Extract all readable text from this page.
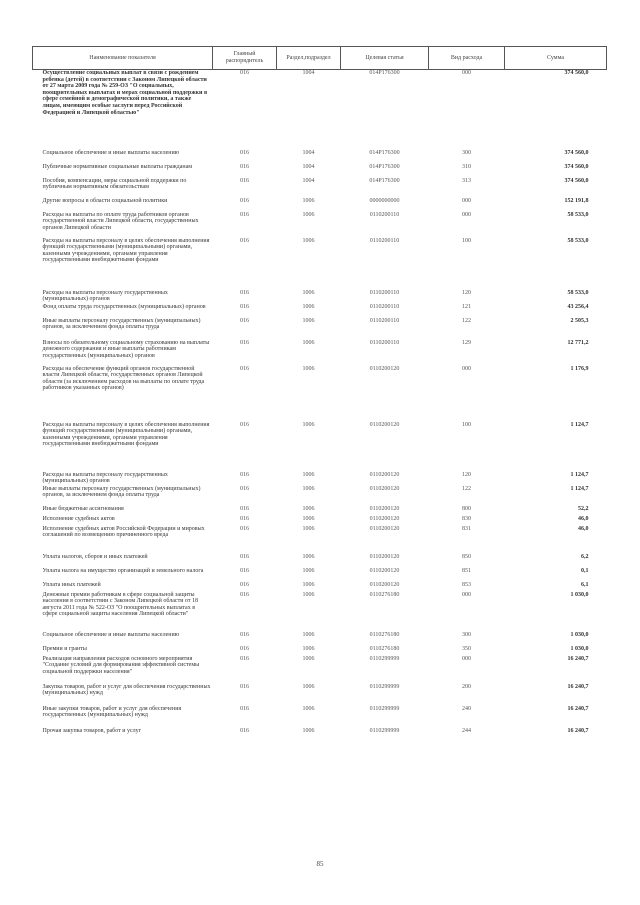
Наименование показателя	Главный распорядитель	Раздел,подраздел	Целевая статья	Вид расхода	Сумма
Осуществление социальных выплат в связи с рождением ребенка (детей) в соответствии с Законом Липецкой области от 27 марта 2009 года № 259-ОЗ "О социальных, поощрительных выплатах и мерах социальной поддержки в сфере семейной и демографической политики, а также лицам, имеющим особые заслуги перед Российской Федерацией и Липецкой областью"	016	1004	014Р176300	000	374 560,0
Социальное обеспечение и иные выплаты населению	016	1004	014Р176300	300	374 560,0
Публичные нормативные социальные выплаты гражданам	016	1004	014Р176300	310	374 560,0
Пособия, компенсации, меры социальной поддержки по публичным нормативным обязательствам	016	1004	014Р176300	313	374 560,0
Другие вопросы в области социальной политики	016	1006	0000000000	000	152 191,8
Расходы на выплаты по оплате труда работников органов государственной власти Липецкой области, государственных органов Липецкой области	016	1006	0110200110	000	58 533,0
Расходы на выплаты персоналу в целях обеспечения выполнения функций государственными (муниципальными) органами, казенными учреждениями, органами управления государственными внебюджетными фондами	016	1006	0110200110	100	58 533,0
Расходы на выплаты персоналу государственных (муниципальных) органов	016	1006	0110200110	120	58 533,0
Фонд оплаты труда государственных (муниципальных) органов	016	1006	0110200110	121	43 256,4
Иные выплаты персоналу государственных (муниципальных) органов, за исключением фонда оплаты труда	016	1006	0110200110	122	2 505,3
Взносы по обязательному социальному страхованию на выплаты денежного содержания и иные выплаты работникам государственных (муниципальных) органов	016	1006	0110200110	129	12 771,2
Расходы на обеспечение функций органов государственной власти Липецкой области, государственных органов Липецкой области (за исключением расходов на выплаты по оплате труда работников указанных органов)	016	1006	0110200120	000	1 176,9
Расходы на выплаты персоналу в целях обеспечения выполнения функций государственными (муниципальными) органами, казенными учреждениями, органами управления государственными внебюджетными фондами	016	1006	0110200120	100	1 124,7
Расходы на выплаты персоналу государственных (муниципальных) органов	016	1006	0110200120	120	1 124,7
Иные выплаты персоналу государственных (муниципальных) органов, за исключением фонда оплаты труда	016	1006	0110200120	122	1 124,7
Иные бюджетные ассигнования	016	1006	0110200120	800	52,2
Исполнение судебных актов	016	1006	0110200120	830	46,0
Исполнение судебных актов Российской Федерации и мировых соглашений по возмещению причиненного вреда	016	1006	0110200120	831	46,0
Уплата налогов, сборов и иных платежей	016	1006	0110200120	850	6,2
Уплата налога на имущество организаций и земельного налога	016	1006	0110200120	851	0,1
Уплата иных платежей	016	1006	0110200120	853	6,1
Денежные премии работникам в сфере социальной защиты населения в соответствии с Законом Липецкой области от 18 августа 2011 года № 522-ОЗ "О поощрительных выплатах в сфере социальной защиты населения Липецкой области"	016	1006	0110276180	000	1 030,0
Социальное обеспечение и иные выплаты населению	016	1006	0110276180	300	1 030,0
Премии и гранты	016	1006	0110276180	350	1 030,0
Реализация направления расходов основного мероприятия "Создание условий для формирования эффективной системы социальной поддержки населения"	016	1006	0110299999	000	16 240,7
Закупка товаров, работ и услуг для обеспечения государственных (муниципальных) нужд	016	1006	0110299999	200	16 240,7
Иные закупки товаров, работ и услуг для обеспечения государственных (муниципальных) нужд	016	1006	0110299999	240	16 240,7
Прочая закупка товаров, работ и услуг	016	1006	0110299999	244	16 240,7
85
